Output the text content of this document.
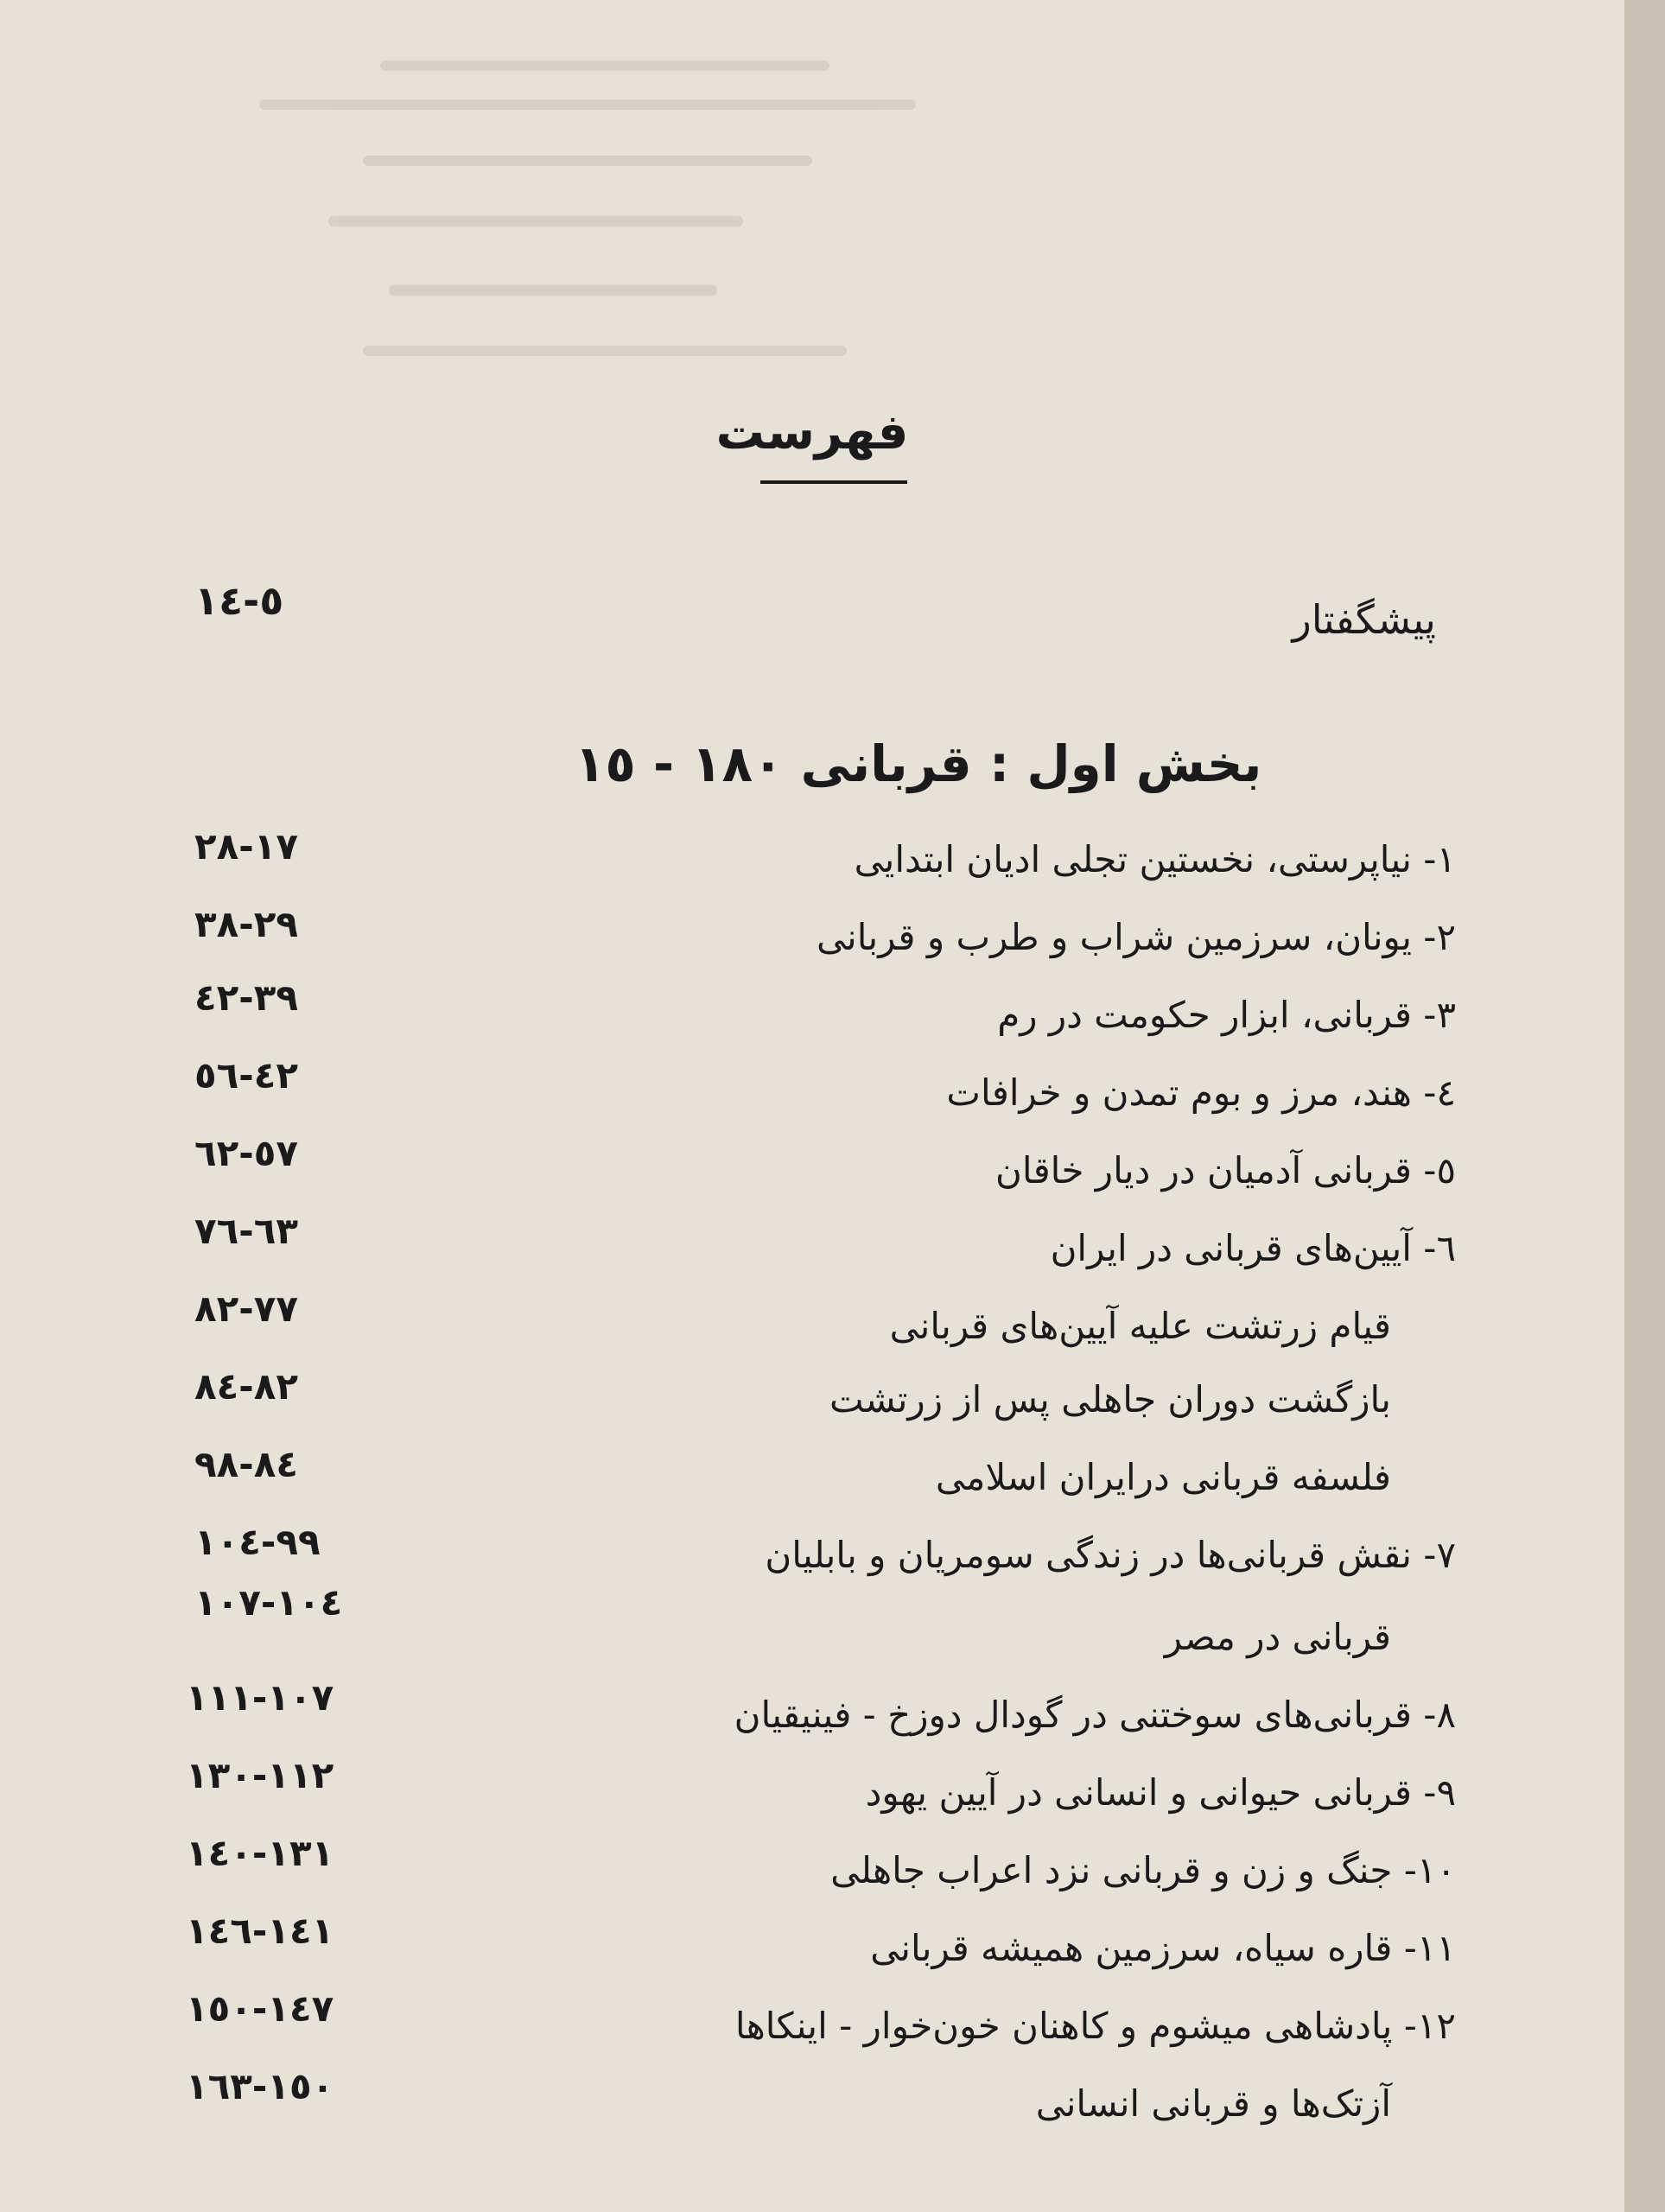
فهرست
پیشگفتار
٥-١٤
بخش اول : قربانی ١٨٠ - ١٥
١- نیاپرستی، نخستین تجلی ادیان ابتدایی
١٧-٢٨
٢- یونان، سرزمین شراب و طرب و قربانی
٢٩-٣٨
٣- قربانی، ابزار حکومت در رم
٣٩-٤٢
٤- هند، مرز و بوم تمدن و خرافات
٤٢-٥٦
٥- قربانی آدمیان در دیار خاقان
٥٧-٦٢
٦- آیین‌های قربانی در ایران
٦٣-٧٦
قیام زرتشت علیه آیین‌های قربانی
٧٧-٨٢
بازگشت دوران جاهلی پس از زرتشت
٨٢-٨٤
فلسفه قربانی درایران اسلامی
٨٤-٩٨
٧- نقش قربانی‌ها در زندگی سومریان و بابلیان
٩٩-١٠٤
قربانی در مصر
١٠٤-١٠٧
٨- قربانی‌های سوختنی در گودال دوزخ - فینیقیان
١٠٧-١١١
٩- قربانی حیوانی و انسانی در آیین یهود
١١٢-١٣٠
١٠- جنگ و زن و قربانی نزد اعراب جاهلی
١٣١-١٤٠
١١- قاره سیاه، سرزمین همیشه قربانی
١٤١-١٤٦
١٢- پادشاهی میشوم و کاهنان خون‌خوار - اینکاها
١٤٧-١٥٠
آزتک‌ها و قربانی انسانی
١٥٠-١٦٣
